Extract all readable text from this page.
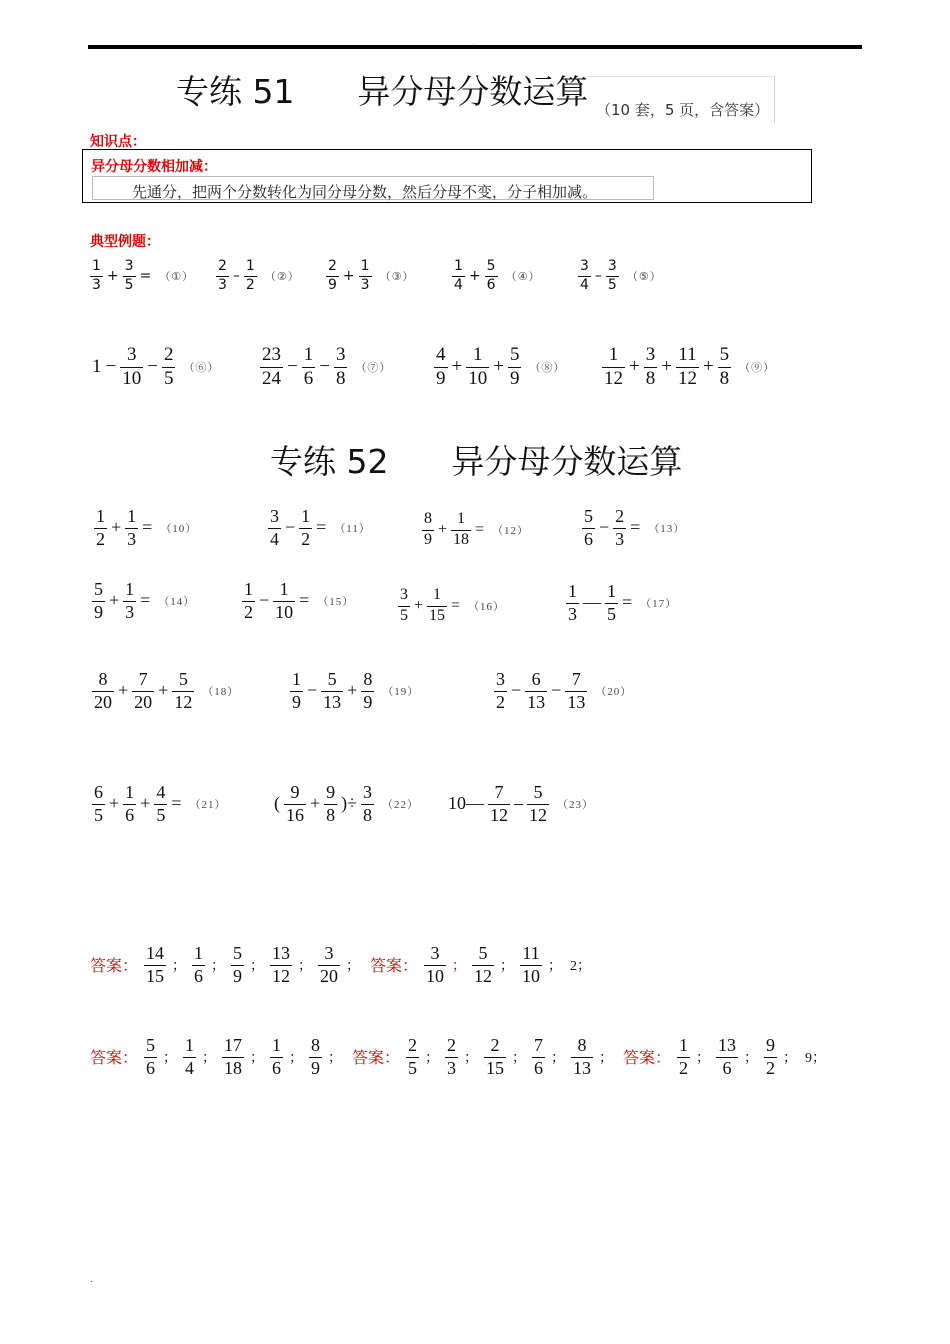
.
专练 51      异分母分数运算 （10 套，5 页，含答案）
知识点：
异分母分数相加减：
先通分，把两个分数转化为同分母分数，然后分母不变，分子相加减。
典型例题：
$\frac{1}{3} + \frac{3}{5}$ = （①） $\frac{2}{3} - \frac{1}{2}$ （②） $\frac{2}{9} + \frac{1}{3}$ （③）	$\frac{1}{4} + \frac{5}{6}$ （④）	$\frac{3}{4} - \frac{3}{5}$ （⑤）
$1 - \frac{3}{10} - \frac{2}{5}$ （⑥） $\frac{23}{24} - \frac{1}{6} - \frac{3}{8}$ （⑦） $\frac{4}{9} + \frac{1}{10} + \frac{5}{9}$ （⑧） $\frac{1}{12} + \frac{3}{8} + \frac{11}{12} + \frac{5}{8}$ （⑨）
专练 52      异分母分数运算
$\frac{1}{2} + \frac{1}{3} = (10)$	$\frac{3}{4} - \frac{1}{2} = (11)$	$\frac{8}{9} + \frac{1}{18} = (12)$	$\frac{5}{6} - \frac{2}{3} = (13)$
$\frac{5}{9} + \frac{1}{3} = (14)$	$\frac{1}{2} - \frac{1}{10} = (15)$	$\frac{3}{5} + \frac{1}{15} = (16)$	$\frac{1}{3}$ — $\frac{1}{5} = (17)$
$\frac{8}{20} + \frac{7}{20} + \frac{5}{12} (18)$	$\frac{1}{9} - \frac{5}{13} + \frac{8}{9} (19)$	$\frac{3}{2} - \frac{6}{13} - \frac{7}{13} (20)$
$\frac{6}{5} + \frac{1}{6} + \frac{4}{5} = (21)$	( $\frac{9}{16} + \frac{9}{8}$ )÷ $\frac{3}{8} (22)$ 10— $\frac{7}{12} - \frac{5}{12} (23)$
答案： $\frac{14}{15}$ ； $\frac{1}{6}$ ； $\frac{5}{9}$ ； $\frac{13}{12}$ ； $\frac{3}{20}$ ； 答案： $\frac{3}{10}$ ； $\frac{5}{12}$ ； $\frac{11}{10}$ ； 2；
答案： $\frac{5}{6}$ ； $\frac{1}{4}$ ； $\frac{17}{18}$ ； $\frac{1}{6}$ ； $\frac{8}{9}$ ； 答案： $\frac{2}{5}$ ； $\frac{2}{3}$ ； $\frac{2}{15}$ ； $\frac{7}{6}$ ； $\frac{8}{13}$ ； 答案： $\frac{1}{2}$ ； $\frac{13}{6}$ ； $\frac{9}{2}$ ； 9；
.
